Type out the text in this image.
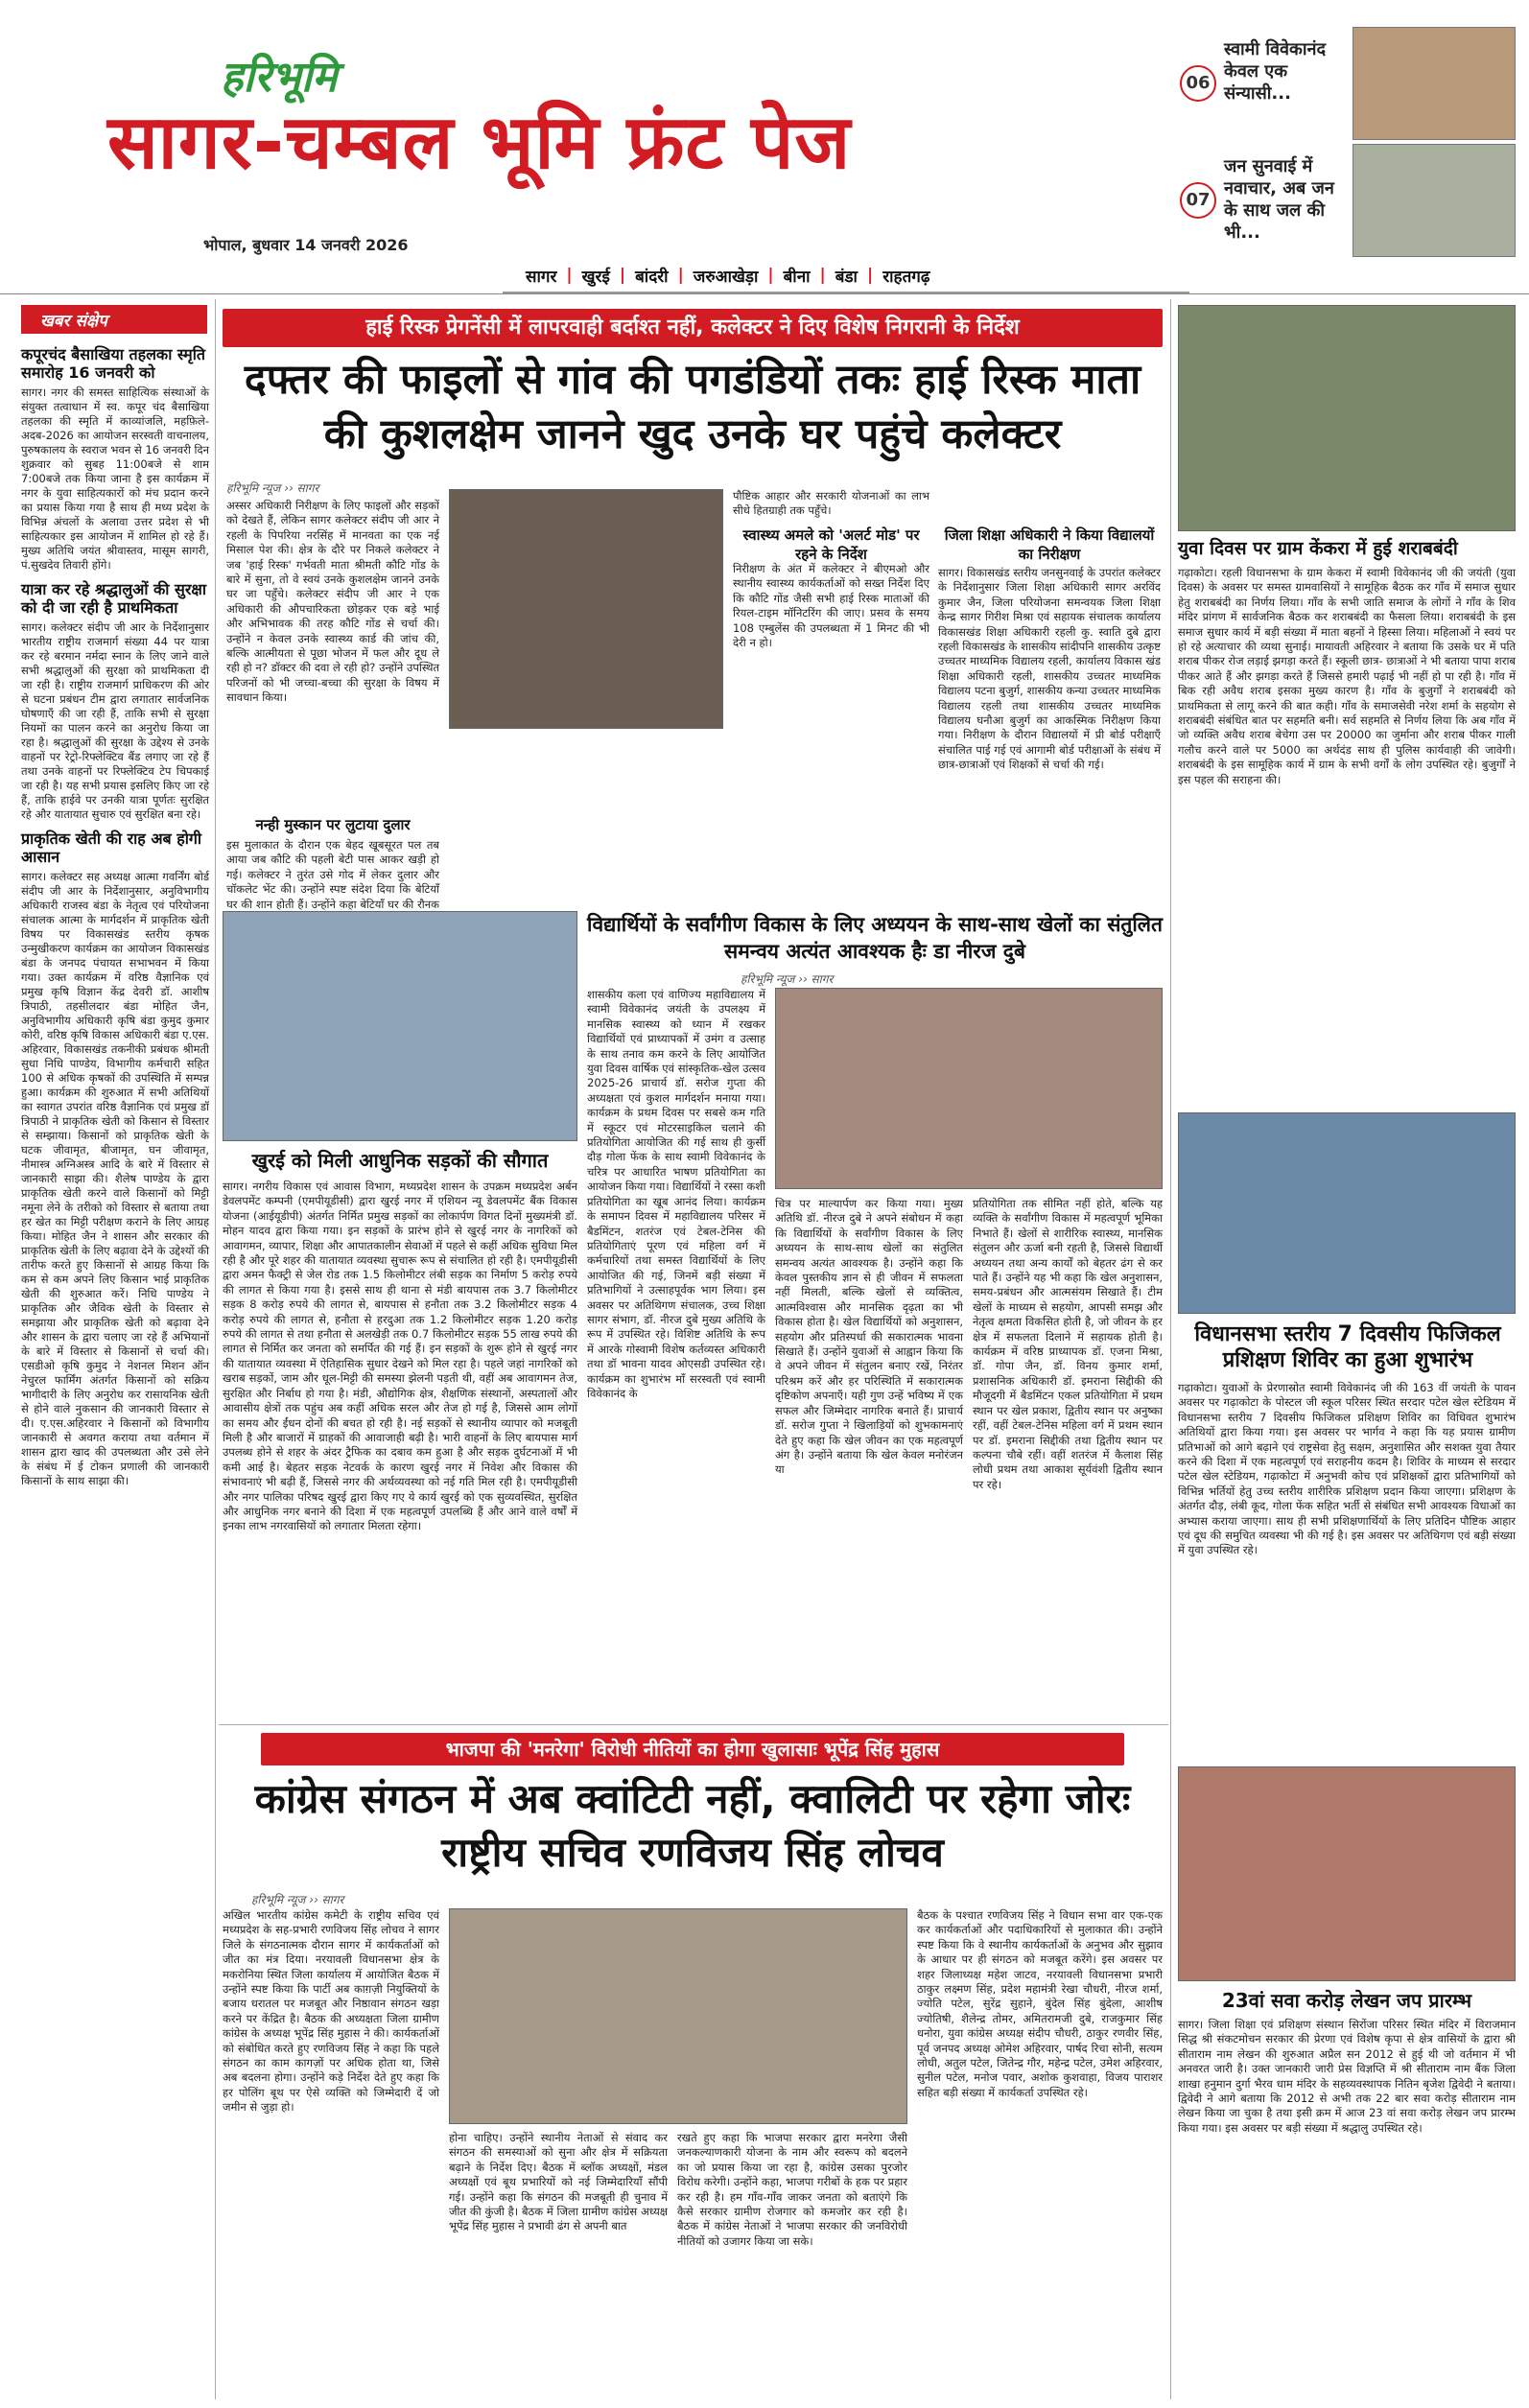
हरिभूमि
सागर-चम्बल भूमि फ्रंट पेज
भोपाल, बुधवार 14 जनवरी 2026
06
स्वामी विवेकानंद केवल एक संन्यासी...
07
जन सुनवाई में नवाचार, अब जन के साथ जल की भी...
सागर | खुरई | बांदरी | जरुआखेड़ा | बीना | बंडा | राहतगढ़
खबर संक्षेप
कपूरचंद बैसाखिया तहलका स्मृति समारोह 16 जनवरी को

सागर। नगर की समस्त साहित्यिक संस्थाओं के संयुक्त तत्वाधान में स्व. कपूर चंद बैसाखिया तहलका की स्मृति में काव्यांजलि, महफ़िले-अदब-2026 का आयोजन सरस्वती वाचनालय, पुरुषकालय के स्वराज भवन से 16 जनवरी दिन शुक्रवार को सुबह 11:00बजे से शाम 7:00बजे तक किया जाना है इस कार्यक्रम में नगर के युवा साहित्यकारों को मंच प्रदान करने का प्रयास किया गया है साथ ही मध्य प्रदेश के विभिन्न अंचलों के अलावा उत्तर प्रदेश से भी साहित्यकार इस आयोजन में शामिल हो रहे हैं। मुख्य अतिथि जयंत श्रीवास्तव, मासूम सागरी, पं.सुखदेव तिवारी होंगे।

यात्रा कर रहे श्रद्धालुओं की सुरक्षा को दी जा रही है प्राथमिकता

सागर। कलेक्टर संदीप जी आर के निर्देशानुसार भारतीय राष्ट्रीय राजमार्ग संख्या 44 पर यात्रा कर रहे बरमान नर्मदा स्नान के लिए जाने वाले सभी श्रद्धालुओं की सुरक्षा को प्राथमिकता दी जा रही है। राष्ट्रीय राजमार्ग प्राधिकरण की ओर से घटना प्रबंधन टीम द्वारा लगातार सार्वजनिक घोषणाएँ की जा रही हैं, ताकि सभी से सुरक्षा नियमों का पालन करने का अनुरोध किया जा रहा है। श्रद्धालुओं की सुरक्षा के उद्देश्य से उनके वाहनों पर रेट्रो-रिफ्लेक्टिव बैंड लगाए जा रहे हैं तथा उनके वाहनों पर रिफ्लेक्टिव टेप चिपकाई जा रही है। यह सभी प्रयास इसलिए किए जा रहे हैं, ताकि हाईवे पर उनकी यात्रा पूर्णतः सुरक्षित रहे और यातायात सुचारु एवं सुरक्षित बना रहे।

प्राकृतिक खेती की राह अब होगी आसान

सागर। कलेक्टर सह अध्यक्ष आत्मा गवर्निंग बोर्ड संदीप जी आर के निर्देशानुसार, अनुविभागीय अधिकारी राजस्व बंडा के नेतृत्व एवं परियोजना संचालक आत्मा के मार्गदर्शन में प्राकृतिक खेती विषय पर विकासखंड स्तरीय कृषक उन्मुखीकरण कार्यक्रम का आयोजन विकासखंड बंडा के जनपद पंचायत सभाभवन में किया गया। उक्त कार्यक्रम में वरिष्ठ वैज्ञानिक एवं प्रमुख कृषि विज्ञान केंद्र देवरी डॉ. आशीष त्रिपाठी, तहसीलदार बंडा मोहित जैन, अनुविभागीय अधिकारी कृषि बंडा कुमुद कुमार कोरी, वरिष्ठ कृषि विकास अधिकारी बंडा ए.एस. अहिरवार, विकासखंड तकनीकी प्रबंधक श्रीमती सुधा निधि पाण्डेय, विभागीय कर्मचारी सहित 100 से अधिक कृषकों की उपस्थिति में सम्पन्न हुआ। कार्यक्रम की शुरुआत में सभी अतिथियों का स्वागत उपरांत वरिष्ठ वैज्ञानिक एवं प्रमुख डॉ त्रिपाठी ने प्राकृतिक खेती को किसान से विस्तार से सम्झाया। किसानों को प्राकृतिक खेती के घटक जीवामृत, बीजामृत, घन जीवामृत, नीमास्त्र अग्निअस्त्र आदि के बारे में विस्तार से जानकारी साझा की। शैलेष पाण्डेय के द्वारा प्राकृतिक खेती करने वाले किसानों को मिट्टी नमूना लेने के तरीको को विस्तार से बताया तथा हर खेत का मिट्टी परीक्षण कराने के लिए आग्रह किया। मोहित जैन ने शासन और सरकार की प्राकृतिक खेती के लिए बढ़ावा देने के उद्देश्यों की तारीफ करते हुए किसानों से आग्रह किया कि कम से कम अपने लिए किसान भाई प्राकृतिक खेती की शुरुआत करें। निधि पाण्डेय ने प्राकृतिक और जैविक खेती के विस्तार से समझाया और प्राकृतिक खेती को बढ़ावा देने और शासन के द्वारा चलाए जा रहे हैं अभियानों के बारे में विस्तार से किसानों से चर्चा की। एसडीओ कृषि कुमुद ने नेशनल मिशन ऑन नेचुरल फार्मिंग अंतर्गत किसानों को सक्रिय भागीदारी के लिए अनुरोध कर रासायनिक खेती से होने वाले नुकसान की जानकारी विस्तार से दी। ए.एस.अहिरवार ने किसानों को विभागीय जानकारी से अवगत कराया तथा वर्तमान में शासन द्वारा खाद की उपलब्धता और उसे लेने के संबंध में ई टोकन प्रणाली की जानकारी किसानों के साथ साझा की।

हाई रिस्क प्रेगनेंसी में लापरवाही बर्दाश्त नहीं, कलेक्टर ने दिए विशेष निगरानी के निर्देश
दफ्तर की फाइलों से गांव की पगडंडियों तकः हाई रिस्क माता की कुशलक्षेम जानने खुद उनके घर पहुंचे कलेक्टर
हरिभूमि न्यूज ›› सागर
अस्सर अधिकारी निरीक्षण के लिए फाइलों और सड़कों को देखते हैं, लेकिन सागर कलेक्टर संदीप जी आर ने रहली के पिपरिया नरसिंह में मानवता का एक नई मिसाल पेश की। क्षेत्र के दौरे पर निकले कलेक्टर ने जब 'हाई रिस्क' गर्भवती माता श्रीमती कौटि गोंड के बारे में सुना, तो वे स्वयं उनके कुशलक्षेम जानने उनके घर जा पहुँचे। कलेक्टर संदीप जी आर ने एक अधिकारी की औपचारिकता छोड़कर एक बड़े भाई और अभिभावक की तरह कौटि गोंड से चर्चा की। उन्होंने न केवल उनके स्वास्थ्य कार्ड की जांच की, बल्कि आत्मीयता से पूछा भोजन में फल और दूध ले रही हो न? डॉक्टर की दवा ले रही हो? उन्होंने उपस्थित परिजनों को भी जच्चा-बच्चा की सुरक्षा के विषय में सावधान किया।
नन्ही मुस्कान पर लुटाया दुलार
इस मुलाकात के दौरान एक बेहद खूबसूरत पल तब आया जब कौटि की पहली बेटी पास आकर खड़ी हो गई। कलेक्टर ने तुरंत उसे गोद में लेकर दुलार और चॉकलेट भेंट की। उन्होंने स्पष्ट संदेश दिया कि बेटियाँ घर की शान होती हैं। उन्होंने कहा बेटियाँ घर की रौनक
पौष्टिक आहार और सरकारी योजनाओं का लाभ सीधे हितग्राही तक पहुँचे।
स्वास्थ्य अमले को 'अलर्ट मोड' पर रहने के निर्देश
निरीक्षण के अंत में कलेक्टर ने बीएमओ और स्थानीय स्वास्थ्य कार्यकर्ताओं को सख्त निर्देश दिए कि कौटि गोंड जैसी सभी हाई रिस्क माताओं की रियल-टाइम मॉनिटरिंग की जाए। प्रसव के समय 108 एम्बुलेंस की उपलब्धता में 1 मिनट की भी देरी न हो।
जिला शिक्षा अधिकारी ने किया विद्यालयों का निरीक्षण
सागर। विकासखंड स्तरीय जनसुनवाई के उपरांत कलेक्टर के निर्देशानुसार जिला शिक्षा अधिकारी सागर अरविंद कुमार जैन, जिला परियोजना समन्वयक जिला शिक्षा केन्द्र सागर गिरीश मिश्रा एवं सहायक संचालक कार्यालय विकासखंड शिक्षा अधिकारी रहली कु. स्वाति दुबे द्वारा रहली विकासखंड के शासकीय सांदीपनि शासकीय उत्कृष्ट उच्चतर माध्यमिक विद्यालय रहली, कार्यालय विकास खंड शिक्षा अधिकारी रहली, शासकीय उच्चतर माध्यमिक विद्यालय पटना बुजुर्ग, शासकीय कन्या उच्चतर माध्यमिक विद्यालय रहली तथा शासकीय उच्चतर माध्यमिक विद्यालय घनौआ बुजुर्ग का आकस्मिक निरीक्षण किया गया। निरीक्षण के दौरान विद्यालयों में प्री बोर्ड परीक्षाएँ संचालित पाई गई एवं आगामी बोर्ड परीक्षाओं के संबंध में छात्र-छात्राओं एवं शिक्षकों से चर्चा की गई।
खुरई को मिली आधुनिक सड़कों की सौगात
सागर। नगरीय विकास एवं आवास विभाग, मध्यप्रदेश शासन के उपक्रम मध्यप्रदेश अर्बन डेवलपमेंट कम्पनी (एमपीयूडीसी) द्वारा खुरई नगर में एशियन न्यू डेवलपमेंट बैंक विकास योजना (आईयूडीपी) अंतर्गत निर्मित प्रमुख सड़कों का लोकार्पण विगत दिनों मुख्यमंत्री डॉ. मोहन यादव द्वारा किया गया। इन सड़कों के प्रारंभ होने से खुरई नगर के नागरिकों को आवागमन, व्यापार, शिक्षा और आपातकालीन सेवाओं में पहले से कहीं अधिक सुविधा मिल रही है और पूरे शहर की यातायात व्यवस्था सुचारू रूप से संचालित हो रही है। एमपीयूडीसी द्वारा अमन फैक्ट्री से जेल रोड तक 1.5 किलोमीटर लंबी सड़क का निर्माण 5 करोड़ रुपये की लागत से किया गया है। इससे साथ ही थाना से मंडी बायपास तक 3.7 किलोमीटर सड़क 8 करोड़ रुपये की लागत से, बायपास से हनौता तक 3.2 किलोमीटर सड़क 4 करोड़ रुपये की लागत से, हनौता से हरदुआ तक 1.2 किलोमीटर सड़क 1.20 करोड़ रुपये की लागत से तथा हनौता से अलखेड़ी तक 0.7 किलोमीटर सड़क 55 लाख रुपये की लागत से निर्मित कर जनता को समर्पित की गई हैं। इन सड़कों के शुरू होने से खुरई नगर की यातायात व्यवस्था में ऐतिहासिक सुधार देखने को मिल रहा है। पहले जहां नागरिकों को खराब सड़कों, जाम और धूल-मिट्टी की समस्या झेलनी पड़ती थी, वहीं अब आवागमन तेज, सुरक्षित और निर्बाध हो गया है। मंडी, औद्योगिक क्षेत्र, शैक्षणिक संस्थानों, अस्पतालों और आवासीय क्षेत्रों तक पहुंच अब कहीं अधिक सरल और तेज हो गई है, जिससे आम लोगों का समय और ईंधन दोनों की बचत हो रही है। नई सड़कों से स्थानीय व्यापार को मजबूती मिली है और बाजारों में ग्राहकों की आवाजाही बढ़ी है। भारी वाहनों के लिए बायपास मार्ग उपलब्ध होने से शहर के अंदर ट्रैफिक का दबाव कम हुआ है और सड़क दुर्घटनाओं में भी कमी आई है। बेहतर सड़क नेटवर्क के कारण खुरई नगर में निवेश और विकास की संभावनाएं भी बढ़ी हैं, जिससे नगर की अर्थव्यवस्था को नई गति मिल रही है। एमपीयूडीसी और नगर पालिका परिषद खुरई द्वारा किए गए ये कार्य खुरई को एक सुव्यवस्थित, सुरक्षित और आधुनिक नगर बनाने की दिशा में एक महत्वपूर्ण उपलब्धि हैं और आने वाले वर्षों में इनका लाभ नगरवासियों को लगातार मिलता रहेगा।
विद्यार्थियों के सर्वांगीण विकास के लिए अध्ययन के साथ-साथ खेलों का संतुलित समन्वय अत्यंत आवश्यक हैः डा नीरज दुबे
हरिभूमि न्यूज ›› सागर
शासकीय कला एवं वाणिज्य महाविद्यालय में स्वामी विवेकानंद जयंती के उपलक्ष्य में मानसिक स्वास्थ्य को ध्यान में रखकर विद्यार्थियों एवं प्राध्यापकों में उमंग व उत्साह के साथ तनाव कम करने के लिए आयोजित युवा दिवस वार्षिक एवं सांस्कृतिक-खेल उत्सव 2025-26 प्राचार्य डॉ. सरोज गुप्ता की अध्यक्षता एवं कुशल मार्गदर्शन मनाया गया। कार्यक्रम के प्रथम दिवस पर सबसे कम गति में स्कूटर एवं मोटरसाइकिल चलाने की प्रतियोगिता आयोजित की गई साथ ही कुर्सी दौड़ गोला फेंक के साथ स्वामी विवेकानंद के चरित्र पर आधारित भाषण प्रतियोगिता का आयोजन किया गया। विद्यार्थियों ने रस्सा कशी प्रतियोगिता का खूब आनंद लिया। कार्यक्रम के समापन दिवस में महाविद्यालय परिसर में बैडमिंटन, शतरंज एवं टेबल-टेनिस की प्रतियोगिताएं पूरण एवं महिला वर्ग में कर्मचारियों तथा समस्त विद्यार्थियों के लिए आयोजित की गई, जिनमें बड़ी संख्या में प्रतिभागियों ने उत्साहपूर्वक भाग लिया। इस अवसर पर अतिथिगण संचालक, उच्च शिक्षा सागर संभाग, डॉ. नीरज दुबे मुख्य अतिथि के रूप में उपस्थित रहे। विशिष्ट अतिथि के रूप में आरके गोस्वामी विशेष कर्तव्यस्त अधिकारी तथा डॉ भावना यादव ओएसडी उपस्थित रहे। कार्यक्रम का शुभारंभ माँ सरस्वती एवं स्वामी विवेकानंद के
चित्र पर माल्यार्पण कर किया गया। मुख्य अतिथि डॉ. नीरज दुबे ने अपने संबोधन में कहा कि विद्यार्थियों के सर्वांगीण विकास के लिए अध्ययन के साथ-साथ खेलों का संतुलित समन्वय अत्यंत आवश्यक है। उन्होंने कहा कि केवल पुस्तकीय ज्ञान से ही जीवन में सफलता नहीं मिलती, बल्कि खेलों से व्यक्तित्व, आत्मविश्वास और मानसिक दृढ़ता का भी विकास होता है। खेल विद्यार्थियों को अनुशासन, सहयोग और प्रतिस्पर्धा की सकारात्मक भावना सिखाते हैं। उन्होंने युवाओं से आह्वान किया कि वे अपने जीवन में संतुलन बनाए रखें, निरंतर परिश्रम करें और हर परिस्थिति में सकारात्मक दृष्टिकोण अपनाएँ। यही गुण उन्हें भविष्य में एक सफल और जिम्मेदार नागरिक बनाते हैं। प्राचार्य डॉ. सरोज गुप्ता ने खिलाड़ियों को शुभकामनाएं देते हुए कहा कि खेल जीवन का एक महत्वपूर्ण अंग है। उन्होंने बताया कि खेल केवल मनोरंजन या
प्रतियोगिता तक सीमित नहीं होते, बल्कि यह व्यक्ति के सर्वांगीण विकास में महत्वपूर्ण भूमिका निभाते हैं। खेलों से शारीरिक स्वास्थ्य, मानसिक संतुलन और ऊर्जा बनी रहती है, जिससे विद्यार्थी अध्ययन तथा अन्य कार्यों को बेहतर ढंग से कर पाते हैं। उन्होंने यह भी कहा कि खेल अनुशासन, समय-प्रबंधन और आत्मसंयम सिखाते हैं। टीम खेलों के माध्यम से सहयोग, आपसी समझ और नेतृत्व क्षमता विकसित होती है, जो जीवन के हर क्षेत्र में सफलता दिलाने में सहायक होती है। कार्यक्रम में वरिष्ठ प्राध्यापक डॉ. एजना मिश्रा, डॉ. गोपा जैन, डॉ. विनय कुमार शर्मा, प्रशासनिक अधिकारी डॉ. इमराना सिद्दीकी की मौजूदगी में बैडमिंटन एकल प्रतियोगिता में प्रथम स्थान पर खेल प्रकाश, द्वितीय स्थान पर अनुष्का रहीं, वहीं टेबल-टेनिस महिला वर्ग में प्रथम स्थान पर डॉ. इमराना सिद्दीकी तथा द्वितीय स्थान पर कल्पना चौबे रहीं। वहीं शतरंज में कैलाश सिंह लोधी प्रथम तथा आकाश सूर्यवंशी द्वितीय स्थान पर रहे।
युवा दिवस पर ग्राम केंकरा में हुई शराबबंदी
गढ़ाकोटा। रहली विधानसभा के ग्राम केकरा में स्वामी विवेकानंद जी की जयंती (युवा दिवस) के अवसर पर समस्त ग्रामवासियों ने सामूहिक बैठक कर गाँव में समाज सुधार हेतु शराबबंदी का निर्णय लिया। गाँव के सभी जाति समाज के लोगों ने गाँव के शिव मंदिर प्रांगण में सार्वजनिक बैठक कर शराबबंदी का फैसला लिया। शराबबंदी के इस समाज सुधार कार्य में बड़ी संख्या में माता बहनों ने हिस्सा लिया। महिलाओं ने स्वयं पर हो रहे अत्याचार की व्यथा सुनाई। मायावती अहिरवार ने बताया कि उसके घर में पति शराब पीकर रोज लड़ाई झगड़ा करते हैं। स्कूली छात्र- छात्राओं ने भी बताया पापा शराब पीकर आते हैं और झगड़ा करते हैं जिससे हमारी पढ़ाई भी नहीं हो पा रही है। गाँव में बिक रही अवैध शराब इसका मुख्य कारण है। गाँव के बुजुर्गों ने शराबबंदी को प्राथमिकता से लागू करने की बात कही। गाँव के समाजसेवी नरेश शर्मा के सहयोग से शराबबंदी संबंधित बात पर सहमति बनी। सर्व सहमति से निर्णय लिया कि अब गाँव में जो व्यक्ति अवैध शराब बेचेगा उस पर 20000 का जुर्माना और शराब पीकर गाली गलौच करने वाले पर 5000 का अर्थदंड साथ ही पुलिस कार्यवाही की जावेगी। शराबबंदी के इस सामूहिक कार्य में ग्राम के सभी वर्गों के लोग उपस्थित रहे। बुजुर्गों ने इस पहल की सराहना की।
विधानसभा स्तरीय 7 दिवसीय फिजिकल प्रशिक्षण शिविर का हुआ शुभारंभ
गढ़ाकोटा। युवाओं के प्रेरणास्रोत स्वामी विवेकानंद जी की 163 वीं जयंती के पावन अवसर पर गढ़ाकोटा के पोस्टल जी स्कूल परिसर स्थित सरदार पटेल खेल स्टेडियम में विधानसभा स्तरीय 7 दिवसीय फिजिकल प्रशिक्षण शिविर का विधिवत शुभारंभ अतिथियों द्वारा किया गया। इस अवसर पर भार्गव ने कहा कि यह प्रयास ग्रामीण प्रतिभाओं को आगे बढ़ाने एवं राष्ट्रसेवा हेतु सक्षम, अनुशासित और सशक्त युवा तैयार करने की दिशा में एक महत्वपूर्ण एवं सराहनीय कदम है। शिविर के माध्यम से सरदार पटेल खेल स्टेडियम, गढ़ाकोटा में अनुभवी कोच एवं प्रशिक्षकों द्वारा प्रतिभागियों को विभिन्न भर्तियों हेतु उच्च स्तरीय शारीरिक प्रशिक्षण प्रदान किया जाएगा। प्रशिक्षण के अंतर्गत दौड़, लंबी कूद, गोला फेंक सहित भर्ती से संबंधित सभी आवश्यक विधाओं का अभ्यास कराया जाएगा। साथ ही सभी प्रशिक्षणार्थियों के लिए प्रतिदिन पौष्टिक आहार एवं दूध की समुचित व्यवस्था भी की गई है। इस अवसर पर अतिथिगण एवं बड़ी संख्या में युवा उपस्थित रहे।
23वां सवा करोड़ लेखन जप प्रारम्भ
सागर। जिला शिक्षा एवं प्रशिक्षण संस्थान सिरोंजा परिसर स्थित मंदिर में विराजमान सिद्ध श्री संकटमोचन सरकार की प्रेरणा एवं विशेष कृपा से क्षेत्र वासियों के द्वारा श्री सीताराम नाम लेखन की शुरुआत अप्रैल सन 2012 से हुई थी जो वर्तमान में भी अनवरत जारी है। उक्त जानकारी जारी प्रेस विज्ञप्ति में श्री सीताराम नाम बैंक जिला शाखा हनुमान दुर्गा भैरव धाम मंदिर के सहव्यवस्थापक नितिन बृजेश द्विवेदी ने बताया। द्विवेदी ने आगे बताया कि 2012 से अभी तक 22 बार सवा करोड़ सीताराम नाम लेखन किया जा चुका है तथा इसी क्रम में आज 23 वां सवा करोड़ लेखन जप प्रारम्भ किया गया। इस अवसर पर बड़ी संख्या में श्रद्धालु उपस्थित रहे।
भाजपा की 'मनरेगा' विरोधी नीतियों का होगा खुलासाः भूपेंद्र सिंह मुहास
कांग्रेस संगठन में अब क्वांटिटी नहीं, क्वालिटी पर रहेगा जोरः राष्ट्रीय सचिव रणविजय सिंह लोचव
हरिभूमि न्यूज ›› सागर
अखिल भारतीय कांग्रेस कमेटी के राष्ट्रीय सचिव एवं मध्यप्रदेश के सह-प्रभारी रणविजय सिंह लोचव ने सागर जिले के संगठनात्मक दौरान सागर में कार्यकर्ताओं को जीत का मंत्र दिया। नरयावली विधानसभा क्षेत्र के मकरोनिया स्थित जिला कार्यालय में आयोजित बैठक में उन्होंने स्पष्ट किया कि पार्टी अब काग़ज़ी नियुक्तियों के बजाय धरातल पर मजबूत और निष्ठावान संगठन खड़ा करने पर केंद्रित है। बैठक की अध्यक्षता जिला ग्रामीण कांग्रेस के अध्यक्ष भूपेंद्र सिंह मुहास ने की। कार्यकर्ताओं को संबोधित करते हुए रणविजय सिंह ने कहा कि पहले संगठन का काम कागज़ों पर अधिक होता था, जिसे अब बदलना होगा। उन्होंने कड़े निर्देश देते हुए कहा कि हर पोलिंग बूथ पर ऐसे व्यक्ति को जिम्मेदारी दें जो जमीन से जुड़ा हो।
होना चाहिए। उन्होंने स्थानीय नेताओं से संवाद कर संगठन की समस्याओं को सुना और क्षेत्र में सक्रियता बढ़ाने के निर्देश दिए। बैठक में ब्लॉक अध्यक्षों, मंडल अध्यक्षों एवं बूथ प्रभारियों को नई जिम्मेदारियाँ सौंपी गई। उन्होंने कहा कि संगठन की मजबूती ही चुनाव में जीत की कुंजी है। बैठक में जिला ग्रामीण कांग्रेस अध्यक्ष भूपेंद्र सिंह मुहास ने प्रभावी ढंग से अपनी बात
रखते हुए कहा कि भाजपा सरकार द्वारा मनरेगा जैसी जनकल्याणकारी योजना के नाम और स्वरूप को बदलने का जो प्रयास किया जा रहा है, कांग्रेस उसका पुरजोर विरोध करेगी। उन्होंने कहा, भाजपा गरीबों के हक पर प्रहार कर रही है। हम गाँव-गाँव जाकर जनता को बताएंगे कि कैसे सरकार ग्रामीण रोजगार को कमजोर कर रही है। बैठक में कांग्रेस नेताओं ने भाजपा सरकार की जनविरोधी नीतियों को उजागर किया जा सके।
बैठक के पश्चात रणविजय सिंह ने विधान सभा वार एक-एक कर कार्यकर्ताओं और पदाधिकारियों से मुलाकात की। उन्होंने स्पष्ट किया कि वे स्थानीय कार्यकर्ताओं के अनुभव और सुझाव के आधार पर ही संगठन को मजबूत करेंगे। इस अवसर पर शहर जिलाध्यक्ष महेश जाटव, नरयावली विधानसभा प्रभारी ठाकुर लक्ष्मण सिंह, प्रदेश महामंत्री रेखा चौधरी, नीरज शर्मा, ज्योति पटेल, सुरेंद्र सुहाने, बुंदेल सिंह बुंदेला, आशीष ज्योतिषी, शैलेन्द्र तोमर, अमितरामजी दुबे, राजकुमार सिंह धनोरा, युवा कांग्रेस अध्यक्ष संदीप चौधरी, ठाकुर रणवीर सिंह, पूर्व जनपद अध्यक्ष ओमेश अहिरवार, पार्षद रिचा सोनी, सत्यम लोधी, अतुल पटेल, जितेन्द्र गौर, महेन्द्र पटेल, उमेश अहिरवार, सुनील पटेल, मनोज पवार, अशोक कुशवाहा, विजय पाराशर सहित बड़ी संख्या में कार्यकर्ता उपस्थित रहे।
